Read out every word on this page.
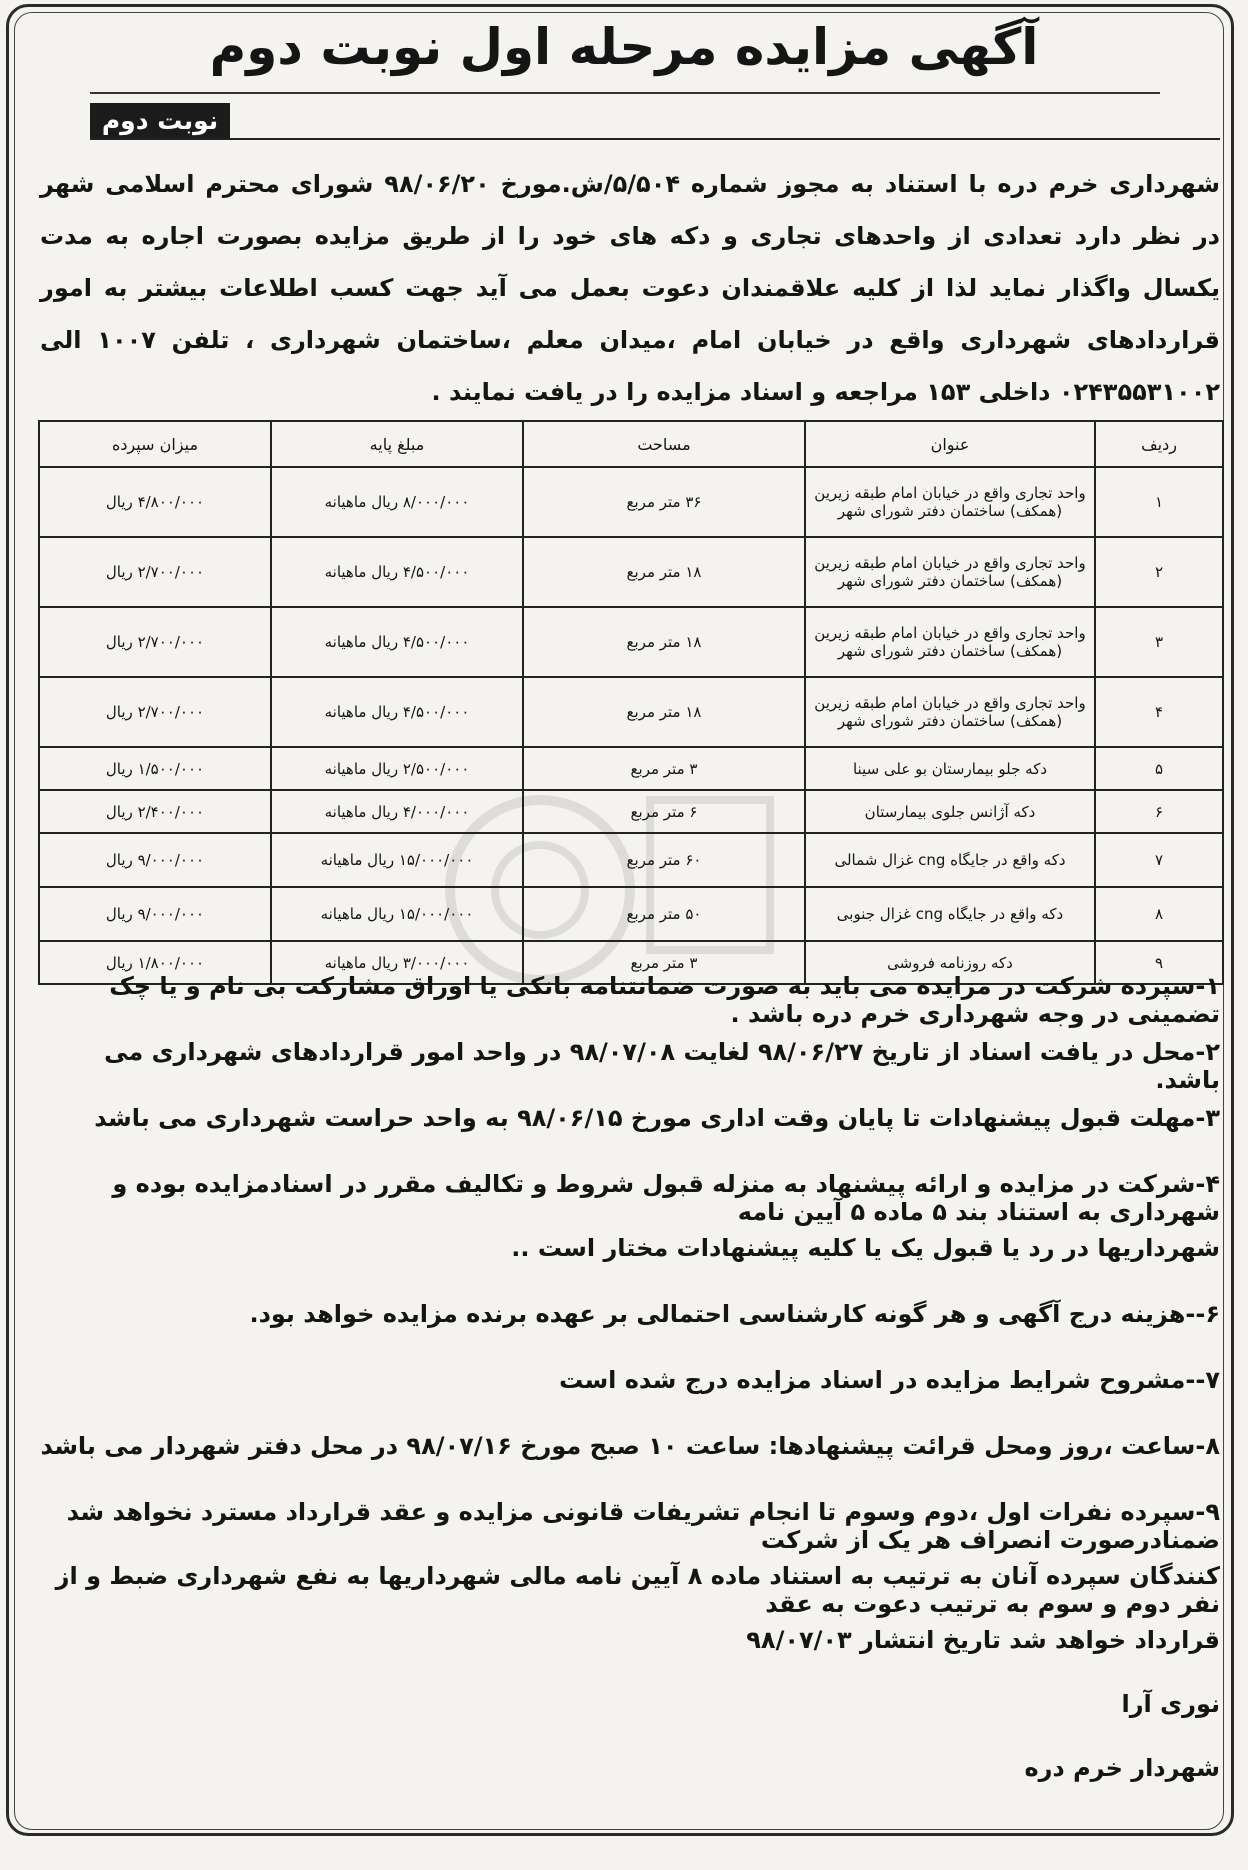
آگهی مزایده مرحله اول نوبت دوم
نوبت دوم
شهرداری خرم دره با استناد به مجوز شماره ۵/۵۰۴/ش.مورخ ۹۸/۰۶/۲۰ شورای محترم اسلامی شهر در نظر دارد تعدادی از واحدهای تجاری و دکه های خود را از طریق مزایده بصورت اجاره به مدت یکسال واگذار نماید لذا از کلیه علاقمندان دعوت بعمل می آید جهت کسب اطلاعات بیشتر به امور قراردادهای شهرداری واقع در خیابان امام ،میدان معلم ،ساختمان شهرداری ، تلفن ۱۰۰۷ الی ۰۲۴۳۵۵۳۱۰۰۲ داخلی ۱۵۳ مراجعه و اسناد مزایده را در یافت نمایند .
ردیف	عنوان	مساحت	مبلغ پایه	میزان سپرده
۱	واحد تجاری واقع در خیابان امام طبقه زیرین (همکف) ساختمان دفتر شورای شهر	۳۶ متر مربع	۸/۰۰۰/۰۰۰ ریال ماهیانه	۴/۸۰۰/۰۰۰ ریال
۲	واحد تجاری واقع در خیابان امام طبقه زیرین (همکف) ساختمان دفتر شورای شهر	۱۸ متر مربع	۴/۵۰۰/۰۰۰ ریال ماهیانه	۲/۷۰۰/۰۰۰ ریال
۳	واحد تجاری واقع در خیابان امام طبقه زیرین (همکف) ساختمان دفتر شورای شهر	۱۸ متر مربع	۴/۵۰۰/۰۰۰ ریال ماهیانه	۲/۷۰۰/۰۰۰ ریال
۴	واحد تجاری واقع در خیابان امام طبقه زیرین (همکف) ساختمان دفتر شورای شهر	۱۸ متر مربع	۴/۵۰۰/۰۰۰ ریال ماهیانه	۲/۷۰۰/۰۰۰ ریال
۵	دکه جلو بیمارستان بو علی سینا	۳ متر مربع	۲/۵۰۰/۰۰۰ ریال ماهیانه	۱/۵۰۰/۰۰۰ ریال
۶	دکه آژانس جلوی بیمارستان	۶ متر مربع	۴/۰۰۰/۰۰۰ ریال ماهیانه	۲/۴۰۰/۰۰۰ ریال
۷	دکه واقع در جایگاه cng غزال شمالی	۶۰ متر مربع	۱۵/۰۰۰/۰۰۰ ریال ماهیانه	۹/۰۰۰/۰۰۰ ریال
۸	دکه واقع در جایگاه cng غزال جنوبی	۵۰ متر مربع	۱۵/۰۰۰/۰۰۰ ریال ماهیانه	۹/۰۰۰/۰۰۰ ریال
۹	دکه روزنامه فروشی	۳ متر مربع	۳/۰۰۰/۰۰۰ ریال ماهیانه	۱/۸۰۰/۰۰۰ ریال
۱-سپرده شرکت در مزایده می باید به صورت ضمانتنامه بانکی یا اوراق مشارکت بی نام و یا چک تضمینی در وجه شهرداری خرم دره باشد .
۲-محل در یافت اسناد از تاریخ ۹۸/۰۶/۲۷ لغایت ۹۸/۰۷/۰۸ در واحد امور قراردادهای شهرداری می باشد.
۳-مهلت قبول پیشنهادات تا پایان وقت اداری مورخ ۹۸/۰۶/۱۵ به واحد حراست شهرداری می باشد
۴-شرکت در مزایده و ارائه پیشنهاد به منزله قبول شروط و تکالیف مقرر در اسنادمزایده بوده و شهرداری به استناد بند ۵ ماده ۵ آیین نامه
شهرداریها در رد یا قبول یک یا کلیه پیشنهادات مختار است ..
۶--هزینه درج آگهی و هر گونه کارشناسی احتمالی بر عهده برنده مزایده خواهد بود.
۷--مشروح شرایط مزایده در اسناد مزایده درج شده است
۸-ساعت ،روز ومحل قرائت پیشنهادها: ساعت ۱۰ صبح مورخ ۹۸/۰۷/۱۶ در محل دفتر شهردار می باشد
۹-سپرده نفرات اول ،دوم وسوم تا انجام تشریفات قانونی مزایده و عقد قرارداد مسترد نخواهد شد ضمنادرصورت انصراف هر یک از شرکت
کنندگان سپرده آنان به ترتیب به استناد ماده ۸ آیین نامه مالی شهرداریها به نفع شهرداری ضبط و از نفر دوم و سوم به ترتیب دعوت به عقد
قرارداد خواهد شد تاریخ انتشار ۹۸/۰۷/۰۳
نوری آرا
شهردار خرم دره
